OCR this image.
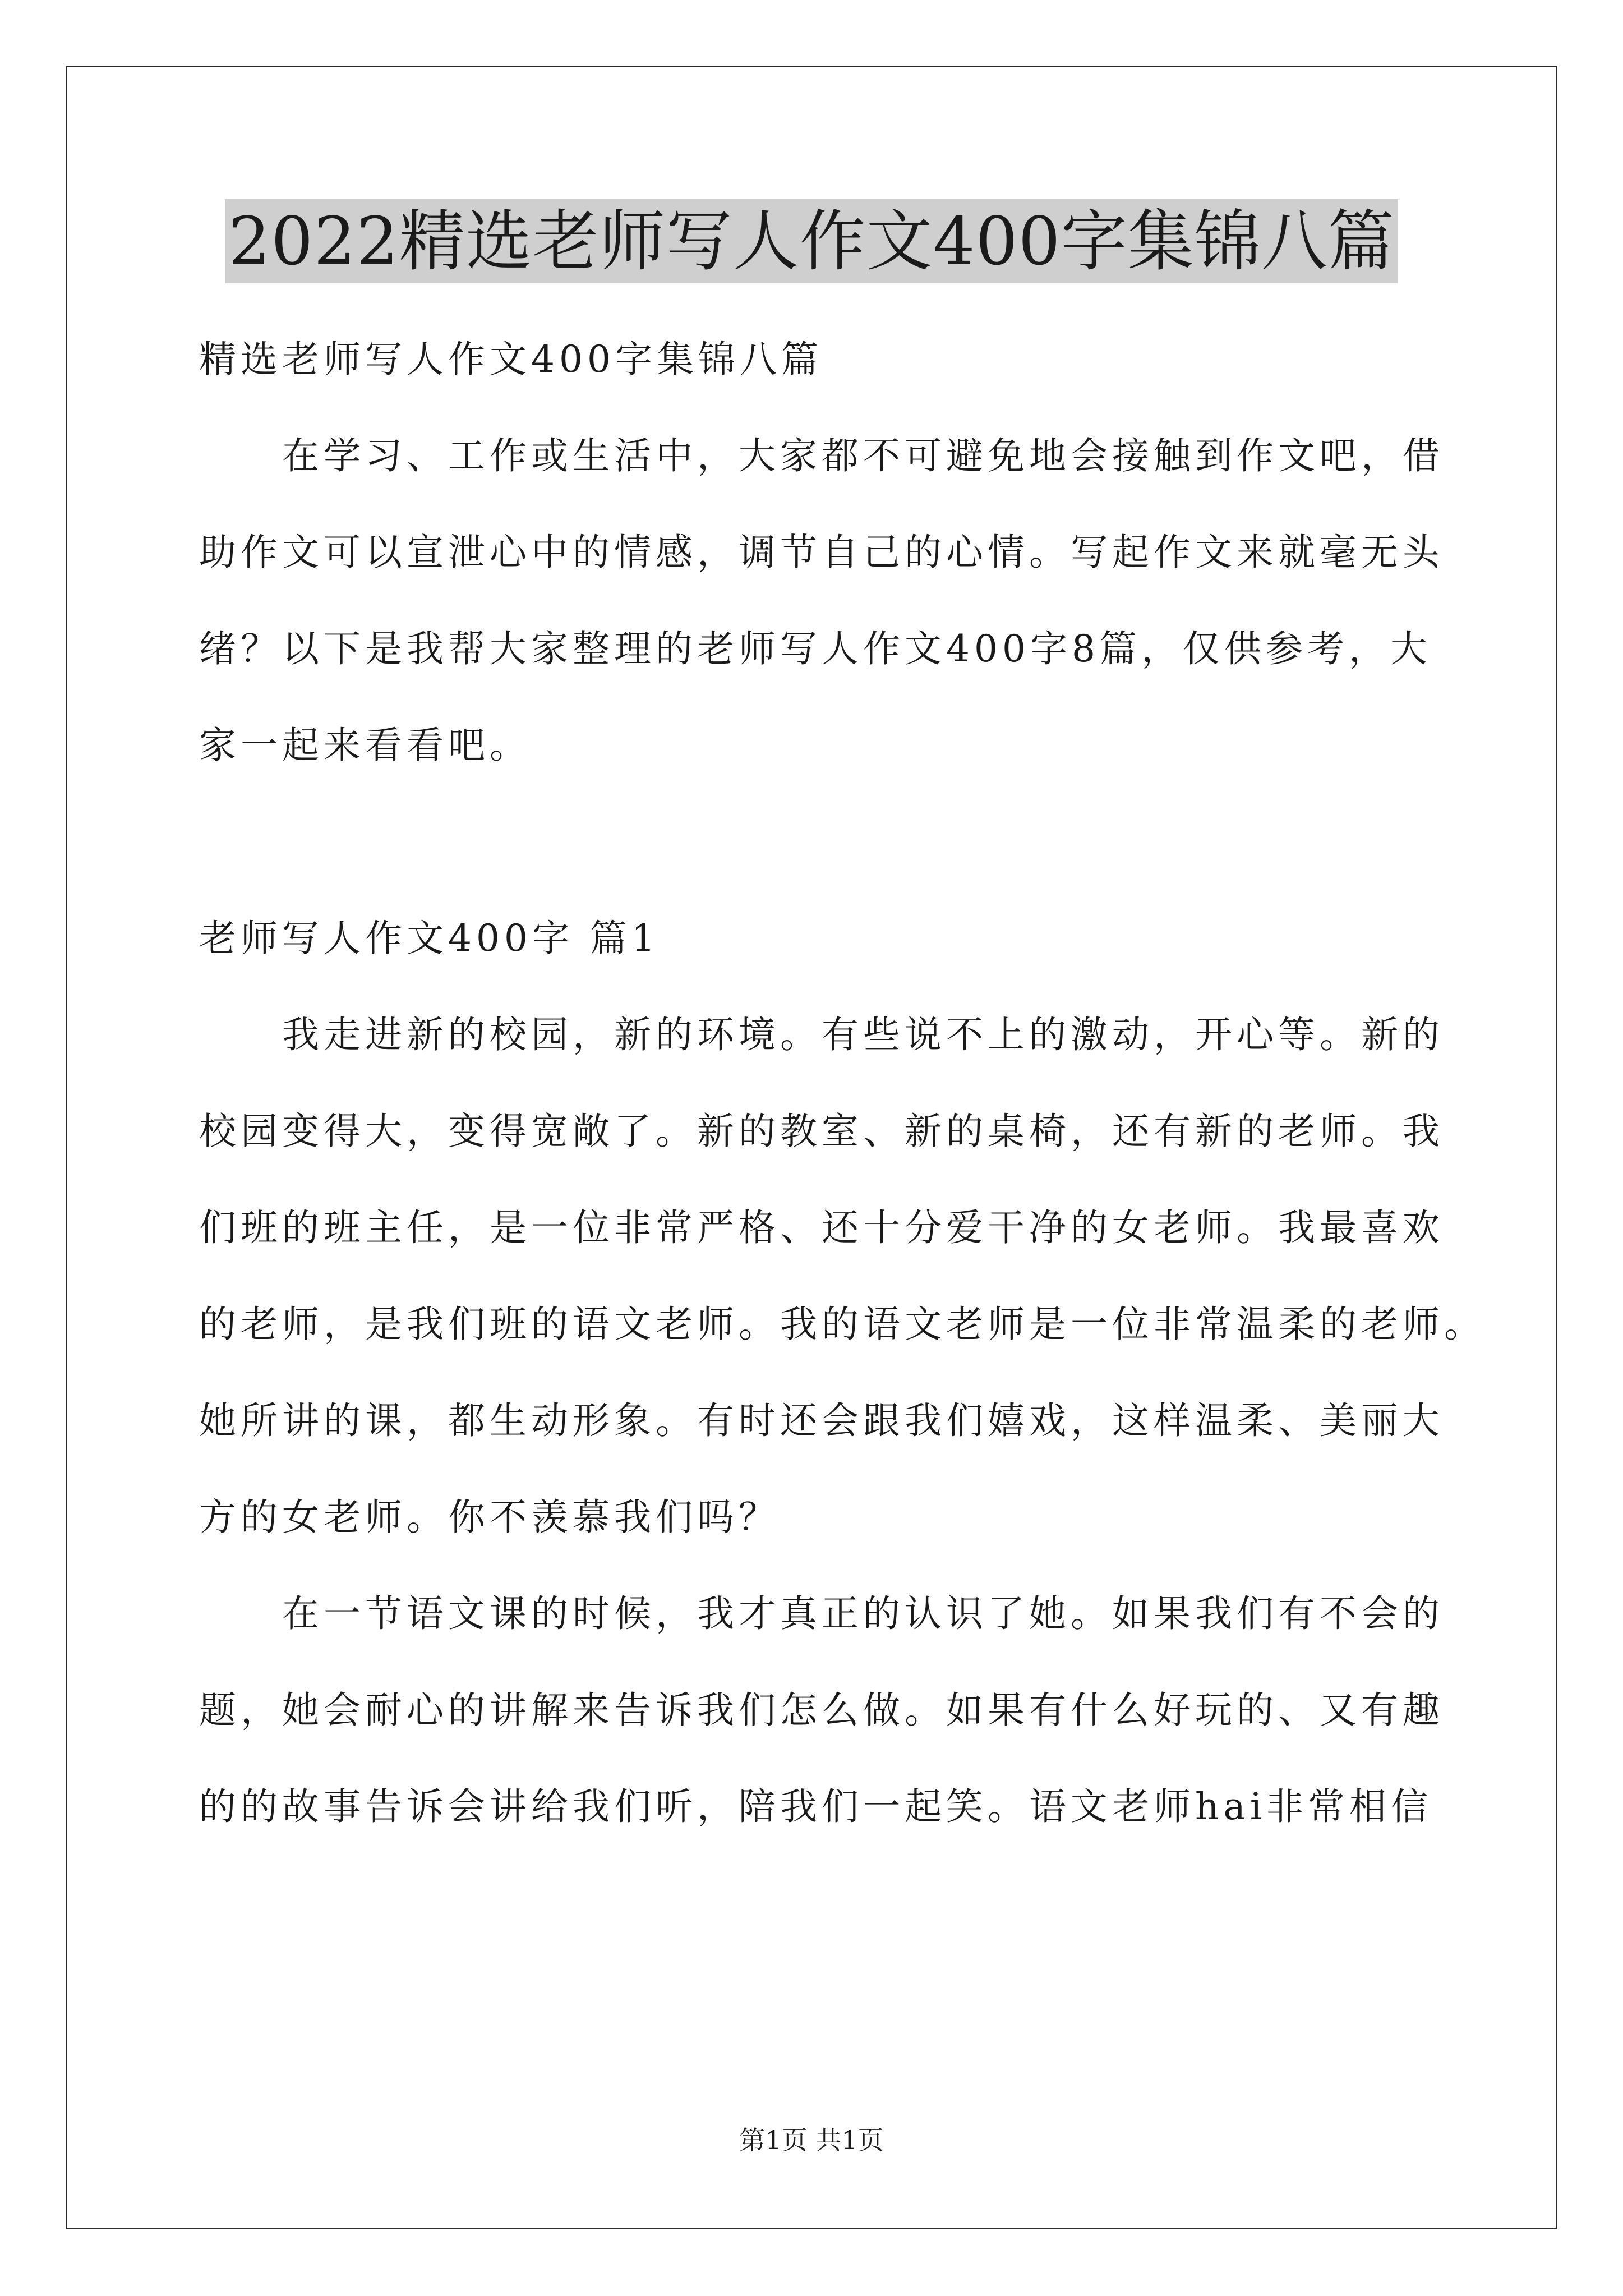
2022精选老师写人作文400字集锦八篇
精选老师写人作文400字集锦八篇
在学习、工作或生活中，大家都不可避免地会接触到作文吧，借
助作文可以宣泄心中的情感，调节自己的心情。写起作文来就毫无头
绪？以下是我帮大家整理的老师写人作文400字8篇，仅供参考，大
家一起来看看吧。
老师写人作文400字 篇1
我走进新的校园，新的环境。有些说不上的激动，开心等。新的
校园变得大，变得宽敞了。新的教室、新的桌椅，还有新的老师。我
们班的班主任，是一位非常严格、还十分爱干净的女老师。我最喜欢
的老师，是我们班的语文老师。我的语文老师是一位非常温柔的老师。
她所讲的课，都生动形象。有时还会跟我们嬉戏，这样温柔、美丽大
方的女老师。你不羡慕我们吗？
在一节语文课的时候，我才真正的认识了她。如果我们有不会的
题，她会耐心的讲解来告诉我们怎么做。如果有什么好玩的、又有趣
的的故事告诉会讲给我们听，陪我们一起笑。语文老师hai非常相信
第1页 共1页
